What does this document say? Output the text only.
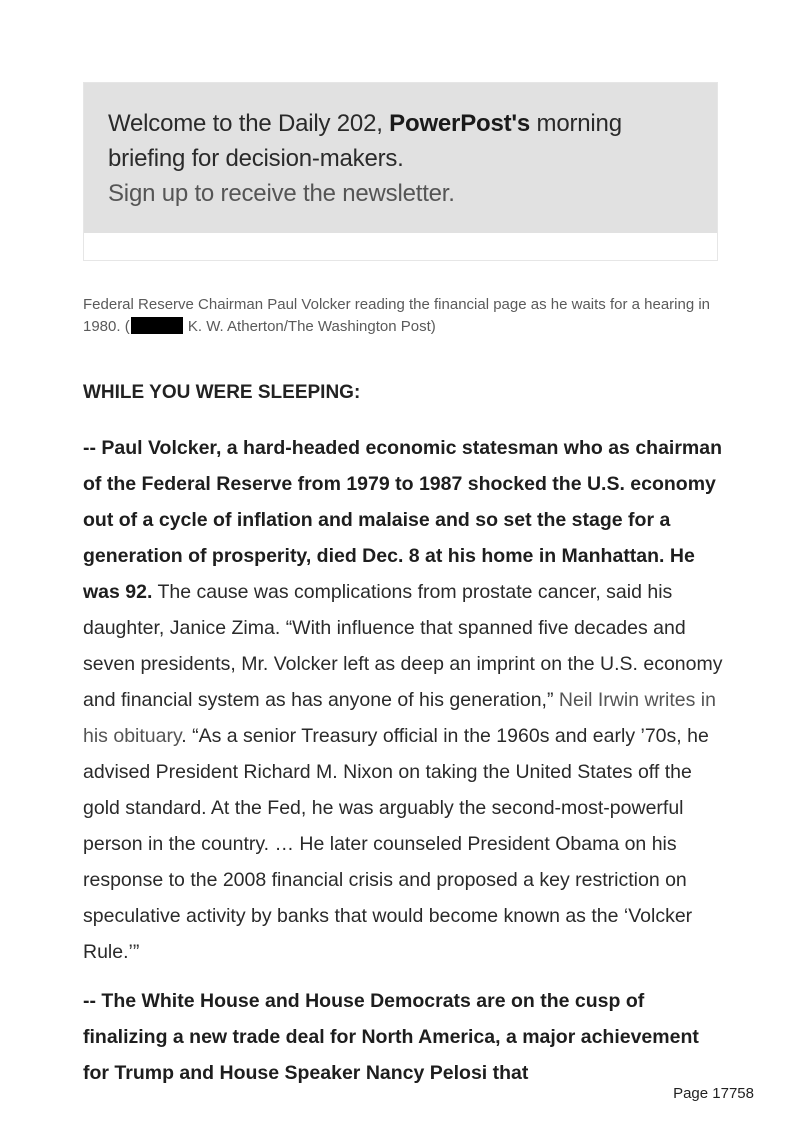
Welcome to the Daily 202, PowerPost's morning briefing for decision-makers.
Sign up to receive the newsletter.
Federal Reserve Chairman Paul Volcker reading the financial page as he waits for a hearing in 1980. (	K. W. Atherton/The Washington Post)
WHILE YOU WERE SLEEPING:
-- Paul Volcker, a hard-headed economic statesman who as chairman of the Federal Reserve from 1979 to 1987 shocked the U.S. economy out of a cycle of inflation and malaise and so set the stage for a generation of prosperity, died Dec. 8 at his home in Manhattan. He was 92. The cause was complications from prostate cancer, said his daughter, Janice Zima. “With influence that spanned five decades and seven presidents, Mr. Volcker left as deep an imprint on the U.S. economy and financial system as has anyone of his generation,” Neil Irwin writes in his obituary. “As a senior Treasury official in the 1960s and early ’70s, he advised President Richard M. Nixon on taking the United States off the gold standard. At the Fed, he was arguably the second-most-powerful person in the country. … He later counseled President Obama on his response to the 2008 financial crisis and proposed a key restriction on speculative activity by banks that would become known as the ‘Volcker Rule.’”
-- The White House and House Democrats are on the cusp of finalizing a new trade deal for North America, a major achievement for Trump and House Speaker Nancy Pelosi that
Page 17758
